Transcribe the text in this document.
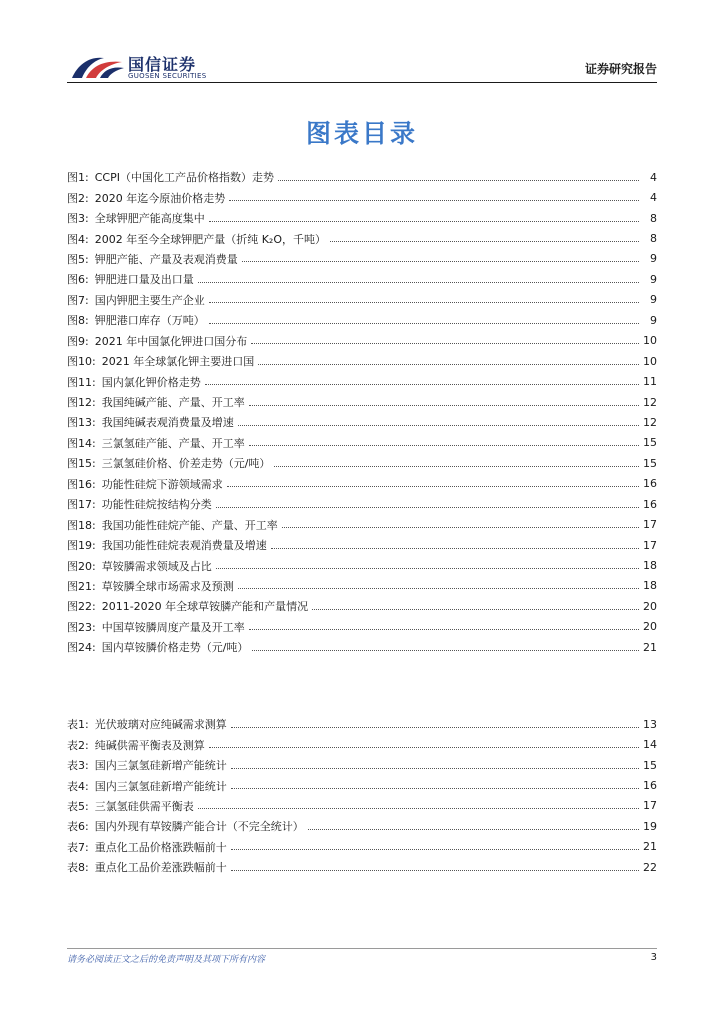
国信证券
GUOSEN SECURITIES	证券研究报告
图表目录
图1: CCPI（中国化工产品价格指数）走势	4
图2: 2020 年迄今原油价格走势	4
图3: 全球钾肥产能高度集中	8
图4: 2002 年至今全球钾肥产量（折纯 K₂O，千吨）	8
图5: 钾肥产能、产量及表观消费量	9
图6: 钾肥进口量及出口量	9
图7: 国内钾肥主要生产企业	9
图8: 钾肥港口库存（万吨）	9
图9: 2021 年中国氯化钾进口国分布	10
图10: 2021 年全球氯化钾主要进口国	10
图11: 国内氯化钾价格走势	11
图12: 我国纯碱产能、产量、开工率	12
图13: 我国纯碱表观消费量及增速	12
图14: 三氯氢硅产能、产量、开工率	15
图15: 三氯氢硅价格、价差走势（元/吨）	15
图16: 功能性硅烷下游领域需求	16
图17: 功能性硅烷按结构分类	16
图18: 我国功能性硅烷产能、产量、开工率	17
图19: 我国功能性硅烷表观消费量及增速	17
图20: 草铵膦需求领域及占比	18
图21: 草铵膦全球市场需求及预测	18
图22: 2011-2020 年全球草铵膦产能和产量情况	20
图23: 中国草铵膦周度产量及开工率	20
图24: 国内草铵膦价格走势（元/吨）	21
表1: 光伏玻璃对应纯碱需求测算	13
表2: 纯碱供需平衡表及测算	14
表3: 国内三氯氢硅新增产能统计	15
表4: 国内三氯氢硅新增产能统计	16
表5: 三氯氢硅供需平衡表	17
表6: 国内外现有草铵膦产能合计（不完全统计）	19
表7: 重点化工品价格涨跌幅前十	21
表8: 重点化工品价差涨跌幅前十	22
请务必阅读正文之后的免责声明及其项下所有内容	3
